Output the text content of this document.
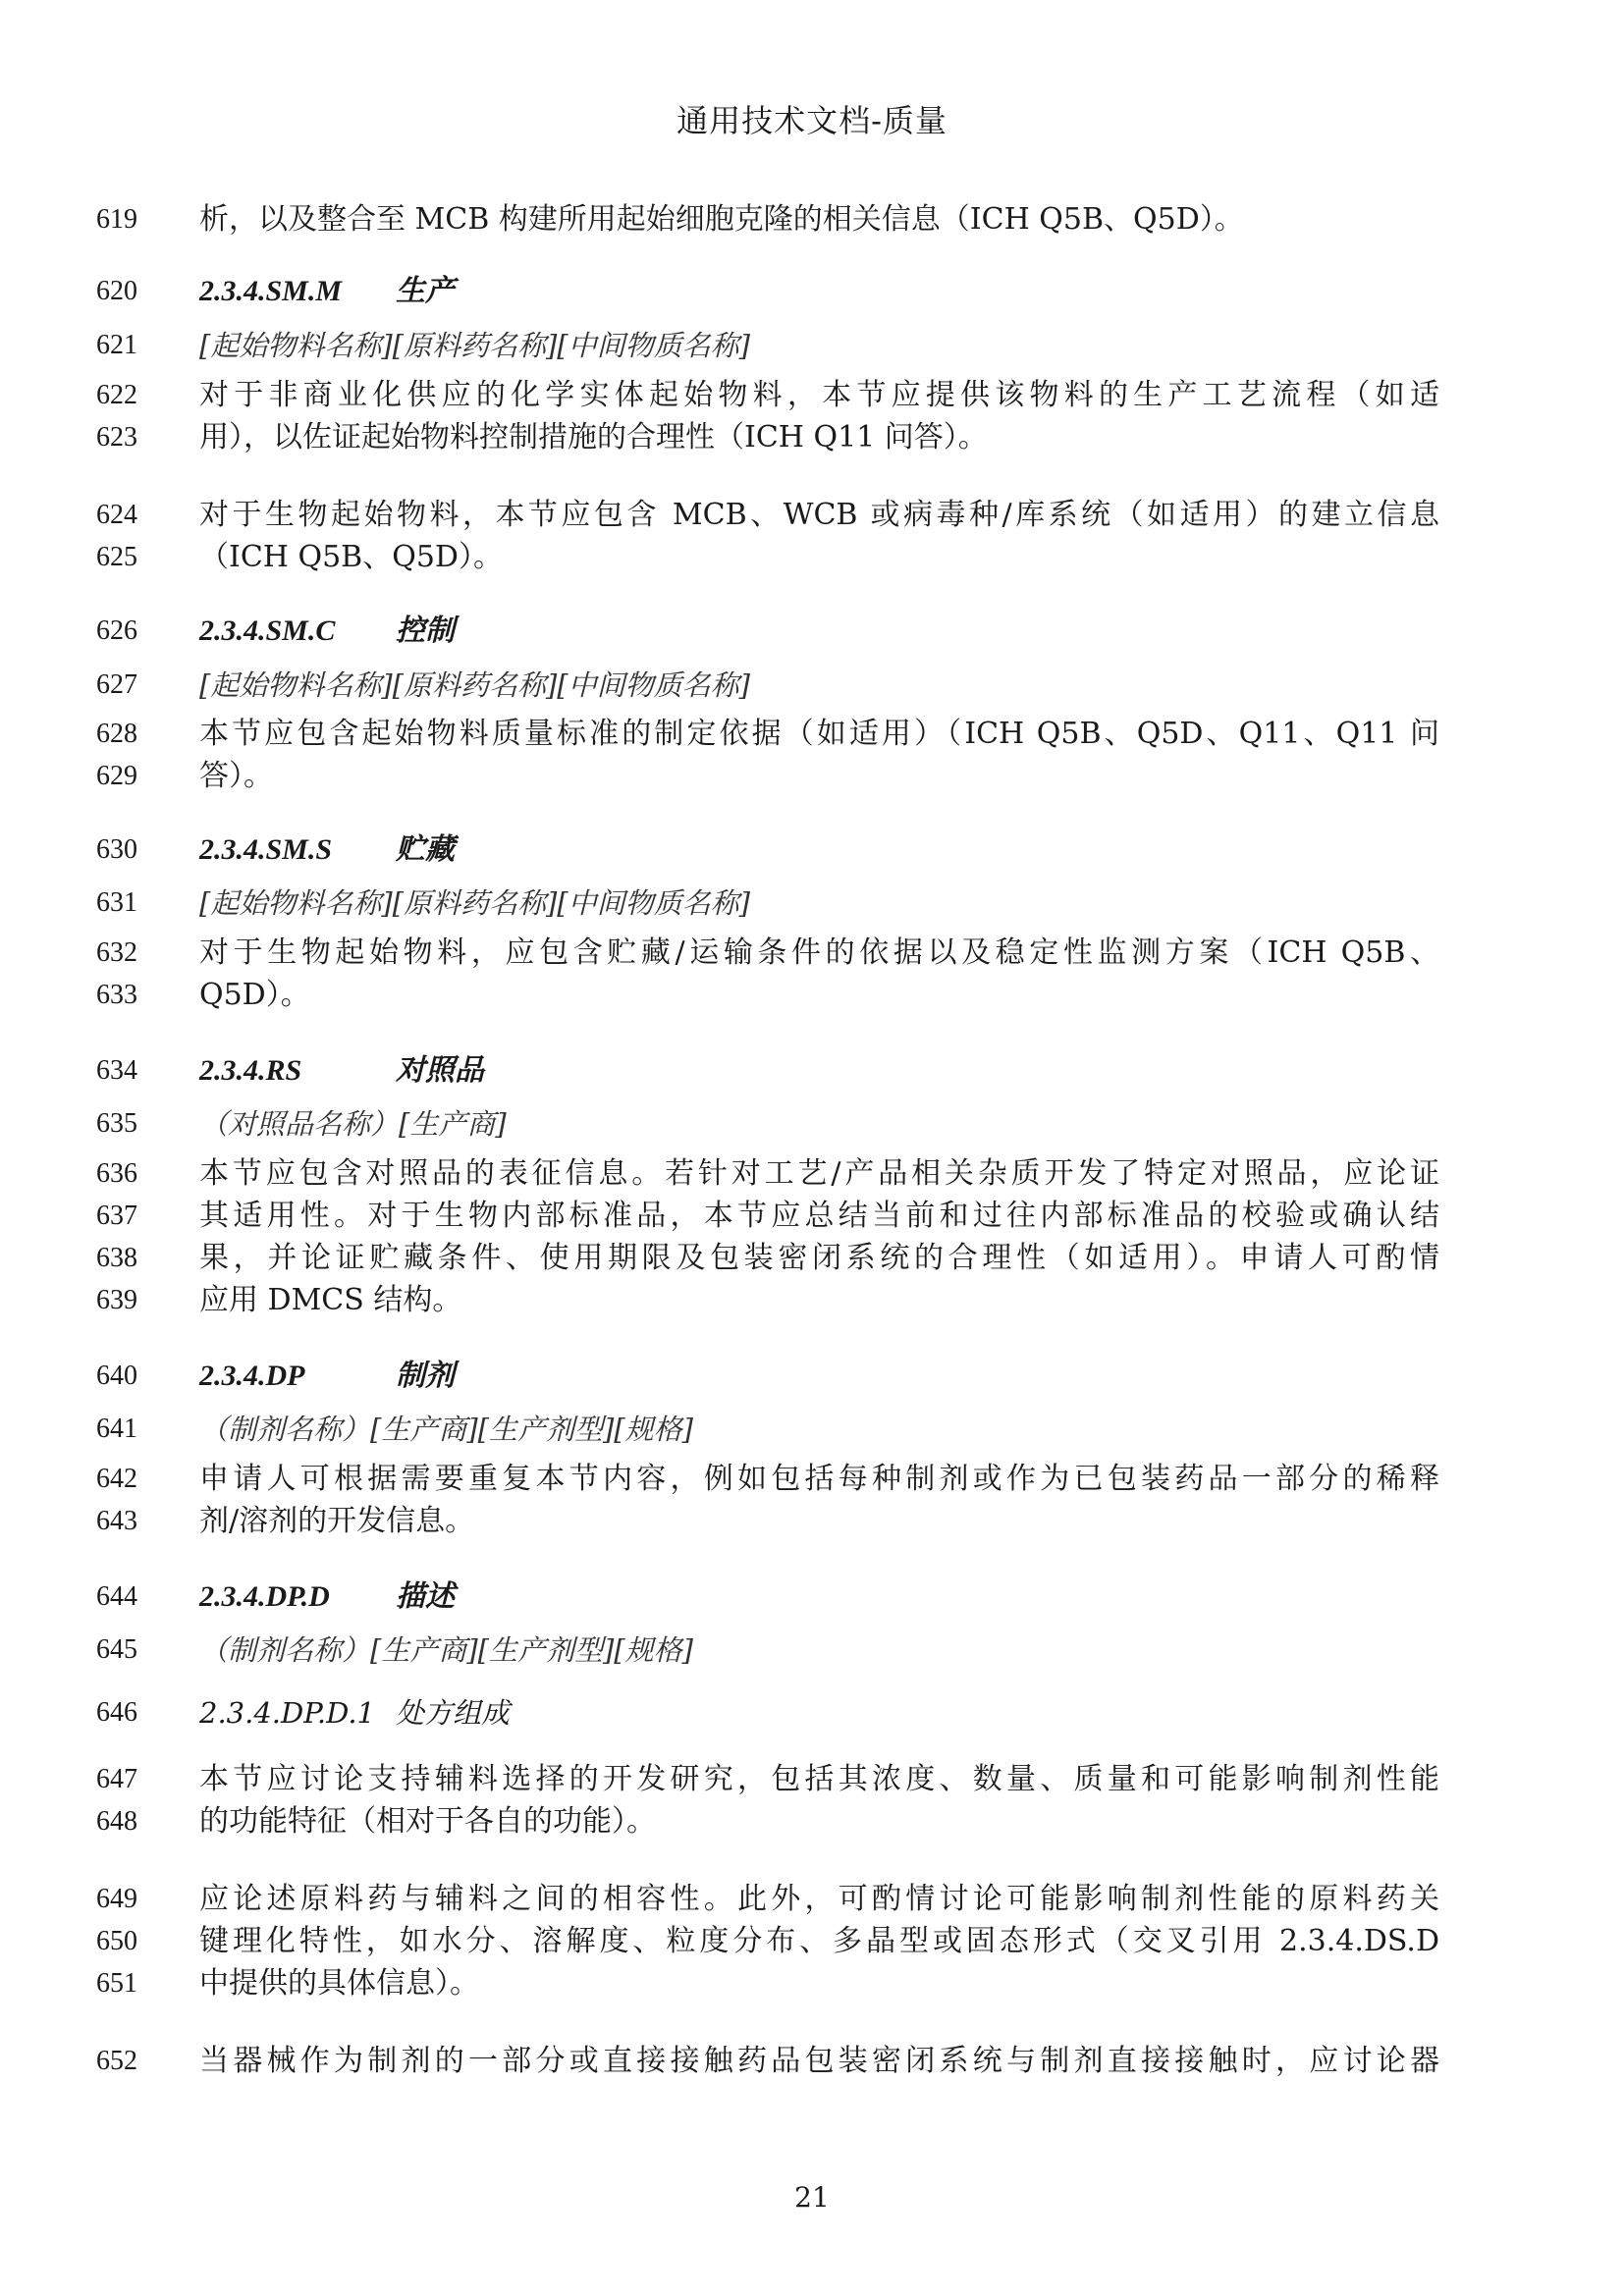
通用技术文档-质量
619	析，以及整合至 MCB 构建所用起始细胞克隆的相关信息（ICH Q5B、Q5D）。
620	2.3.4.SM.M 生产
621	[起始物料名称][原料药名称][中间物质名称]
622	对于非商业化供应的化学实体起始物料，本节应提供该物料的生产工艺流程（如适
623	用），以佐证起始物料控制措施的合理性（ICH Q11 问答）。
624	对于生物起始物料，本节应包含 MCB、WCB 或病毒种/库系统（如适用）的建立信息
625	（ICH Q5B、Q5D）。
626	2.3.4.SM.C 控制
627	[起始物料名称][原料药名称][中间物质名称]
628	本节应包含起始物料质量标准的制定依据（如适用）（ICH Q5B、Q5D、Q11、Q11 问
629	答）。
630	2.3.4.SM.S 贮藏
631	[起始物料名称][原料药名称][中间物质名称]
632	对于生物起始物料，应包含贮藏/运输条件的依据以及稳定性监测方案（ICH Q5B、
633	Q5D）。
634	2.3.4.RS	对照品
635	（对照品名称）[生产商]
636	本节应包含对照品的表征信息。若针对工艺/产品相关杂质开发了特定对照品，应论证
637	其适用性。对于生物内部标准品，本节应总结当前和过往内部标准品的校验或确认结
638	果，并论证贮藏条件、使用期限及包装密闭系统的合理性（如适用）。申请人可酌情
639	应用 DMCS 结构。
640	2.3.4.DP	制剂
641	（制剂名称）[生产商][生产剂型][规格]
642	申请人可根据需要重复本节内容，例如包括每种制剂或作为已包装药品一部分的稀释
643	剂/溶剂的开发信息。
644	2.3.4.DP.D 描述
645	（制剂名称）[生产商][生产剂型][规格]
646	2.3.4.DP.D.1 处方组成
647	本节应讨论支持辅料选择的开发研究，包括其浓度、数量、质量和可能影响制剂性能
648	的功能特征（相对于各自的功能）。
649	应论述原料药与辅料之间的相容性。此外，可酌情讨论可能影响制剂性能的原料药关
650	键理化特性，如水分、溶解度、粒度分布、多晶型或固态形式（交叉引用 2.3.4.DS.D
651	中提供的具体信息）。
652	当器械作为制剂的一部分或直接接触药品包装密闭系统与制剂直接接触时，应讨论器
21
